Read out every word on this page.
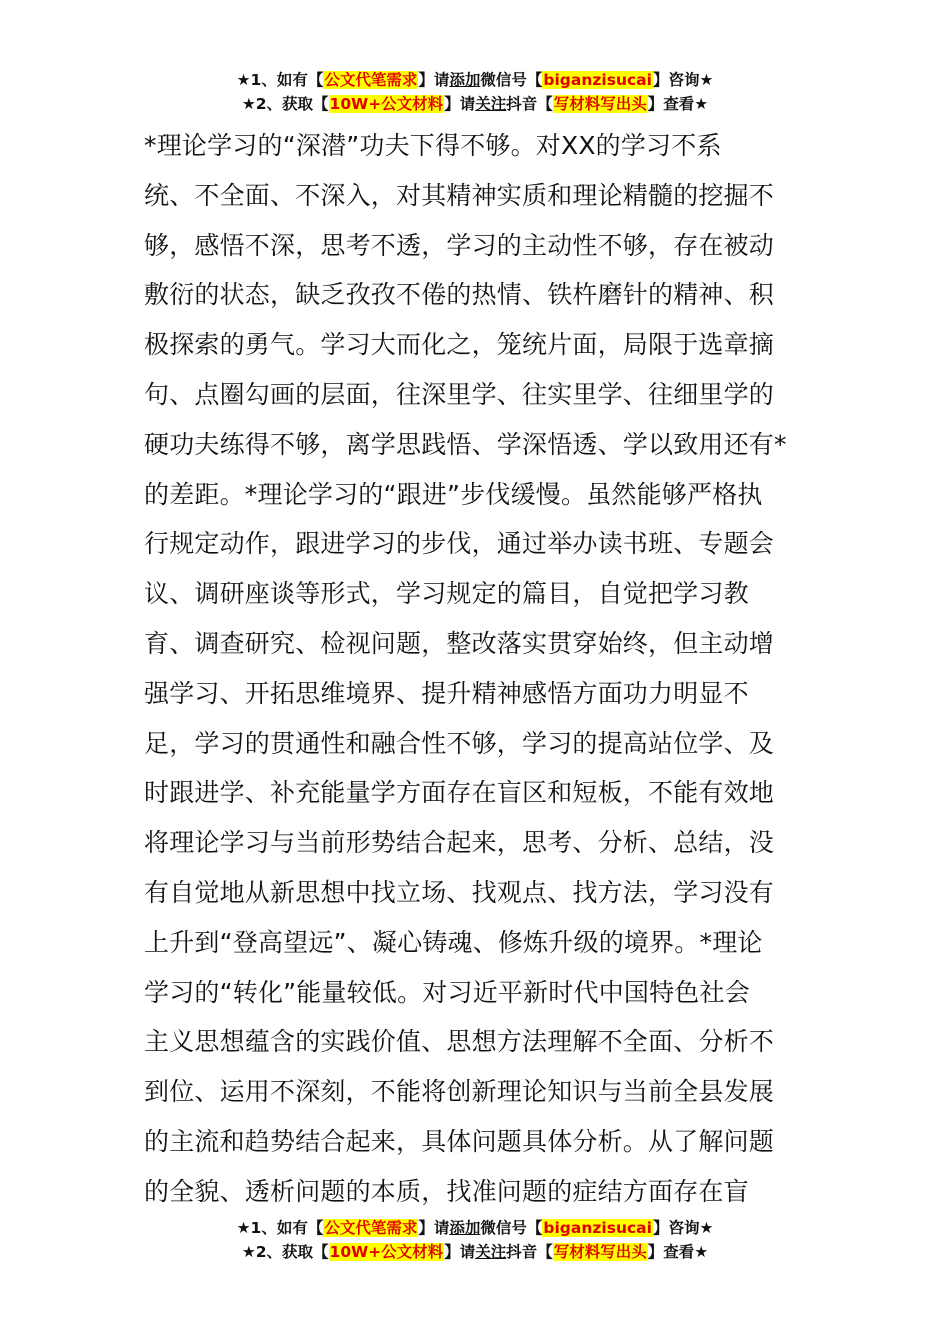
★1、如有【公文代笔需求】请添加微信号【biganzisucai】咨询★
★2、获取【10W+公文材料】请关注抖音【写材料写出头】查看★
*理论学习的“深潜”功夫下得不够。对XX的学习不系
统、不全面、不深入，对其精神实质和理论精髓的挖掘不
够，感悟不深，思考不透，学习的主动性不够，存在被动
敷衍的状态，缺乏孜孜不倦的热情、铁杵磨针的精神、积
极探索的勇气。学习大而化之，笼统片面，局限于选章摘
句、点圈勾画的层面，往深里学、往实里学、往细里学的
硬功夫练得不够，离学思践悟、学深悟透、学以致用还有*
的差距。*理论学习的“跟进”步伐缓慢。虽然能够严格执
行规定动作，跟进学习的步伐，通过举办读书班、专题会
议、调研座谈等形式，学习规定的篇目，自觉把学习教
育、调查研究、检视问题，整改落实贯穿始终，但主动增
强学习、开拓思维境界、提升精神感悟方面功力明显不
足，学习的贯通性和融合性不够，学习的提高站位学、及
时跟进学、补充能量学方面存在盲区和短板，不能有效地
将理论学习与当前形势结合起来，思考、分析、总结，没
有自觉地从新思想中找立场、找观点、找方法，学习没有
上升到“登高望远”、凝心铸魂、修炼升级的境界。*理论
学习的“转化”能量较低。对习近平新时代中国特色社会
主义思想蕴含的实践价值、思想方法理解不全面、分析不
到位、运用不深刻，不能将创新理论知识与当前全县发展
的主流和趋势结合起来，具体问题具体分析。从了解问题
的全貌、透析问题的本质，找准问题的症结方面存在盲
★1、如有【公文代笔需求】请添加微信号【biganzisucai】咨询★
★2、获取【10W+公文材料】请关注抖音【写材料写出头】查看★
